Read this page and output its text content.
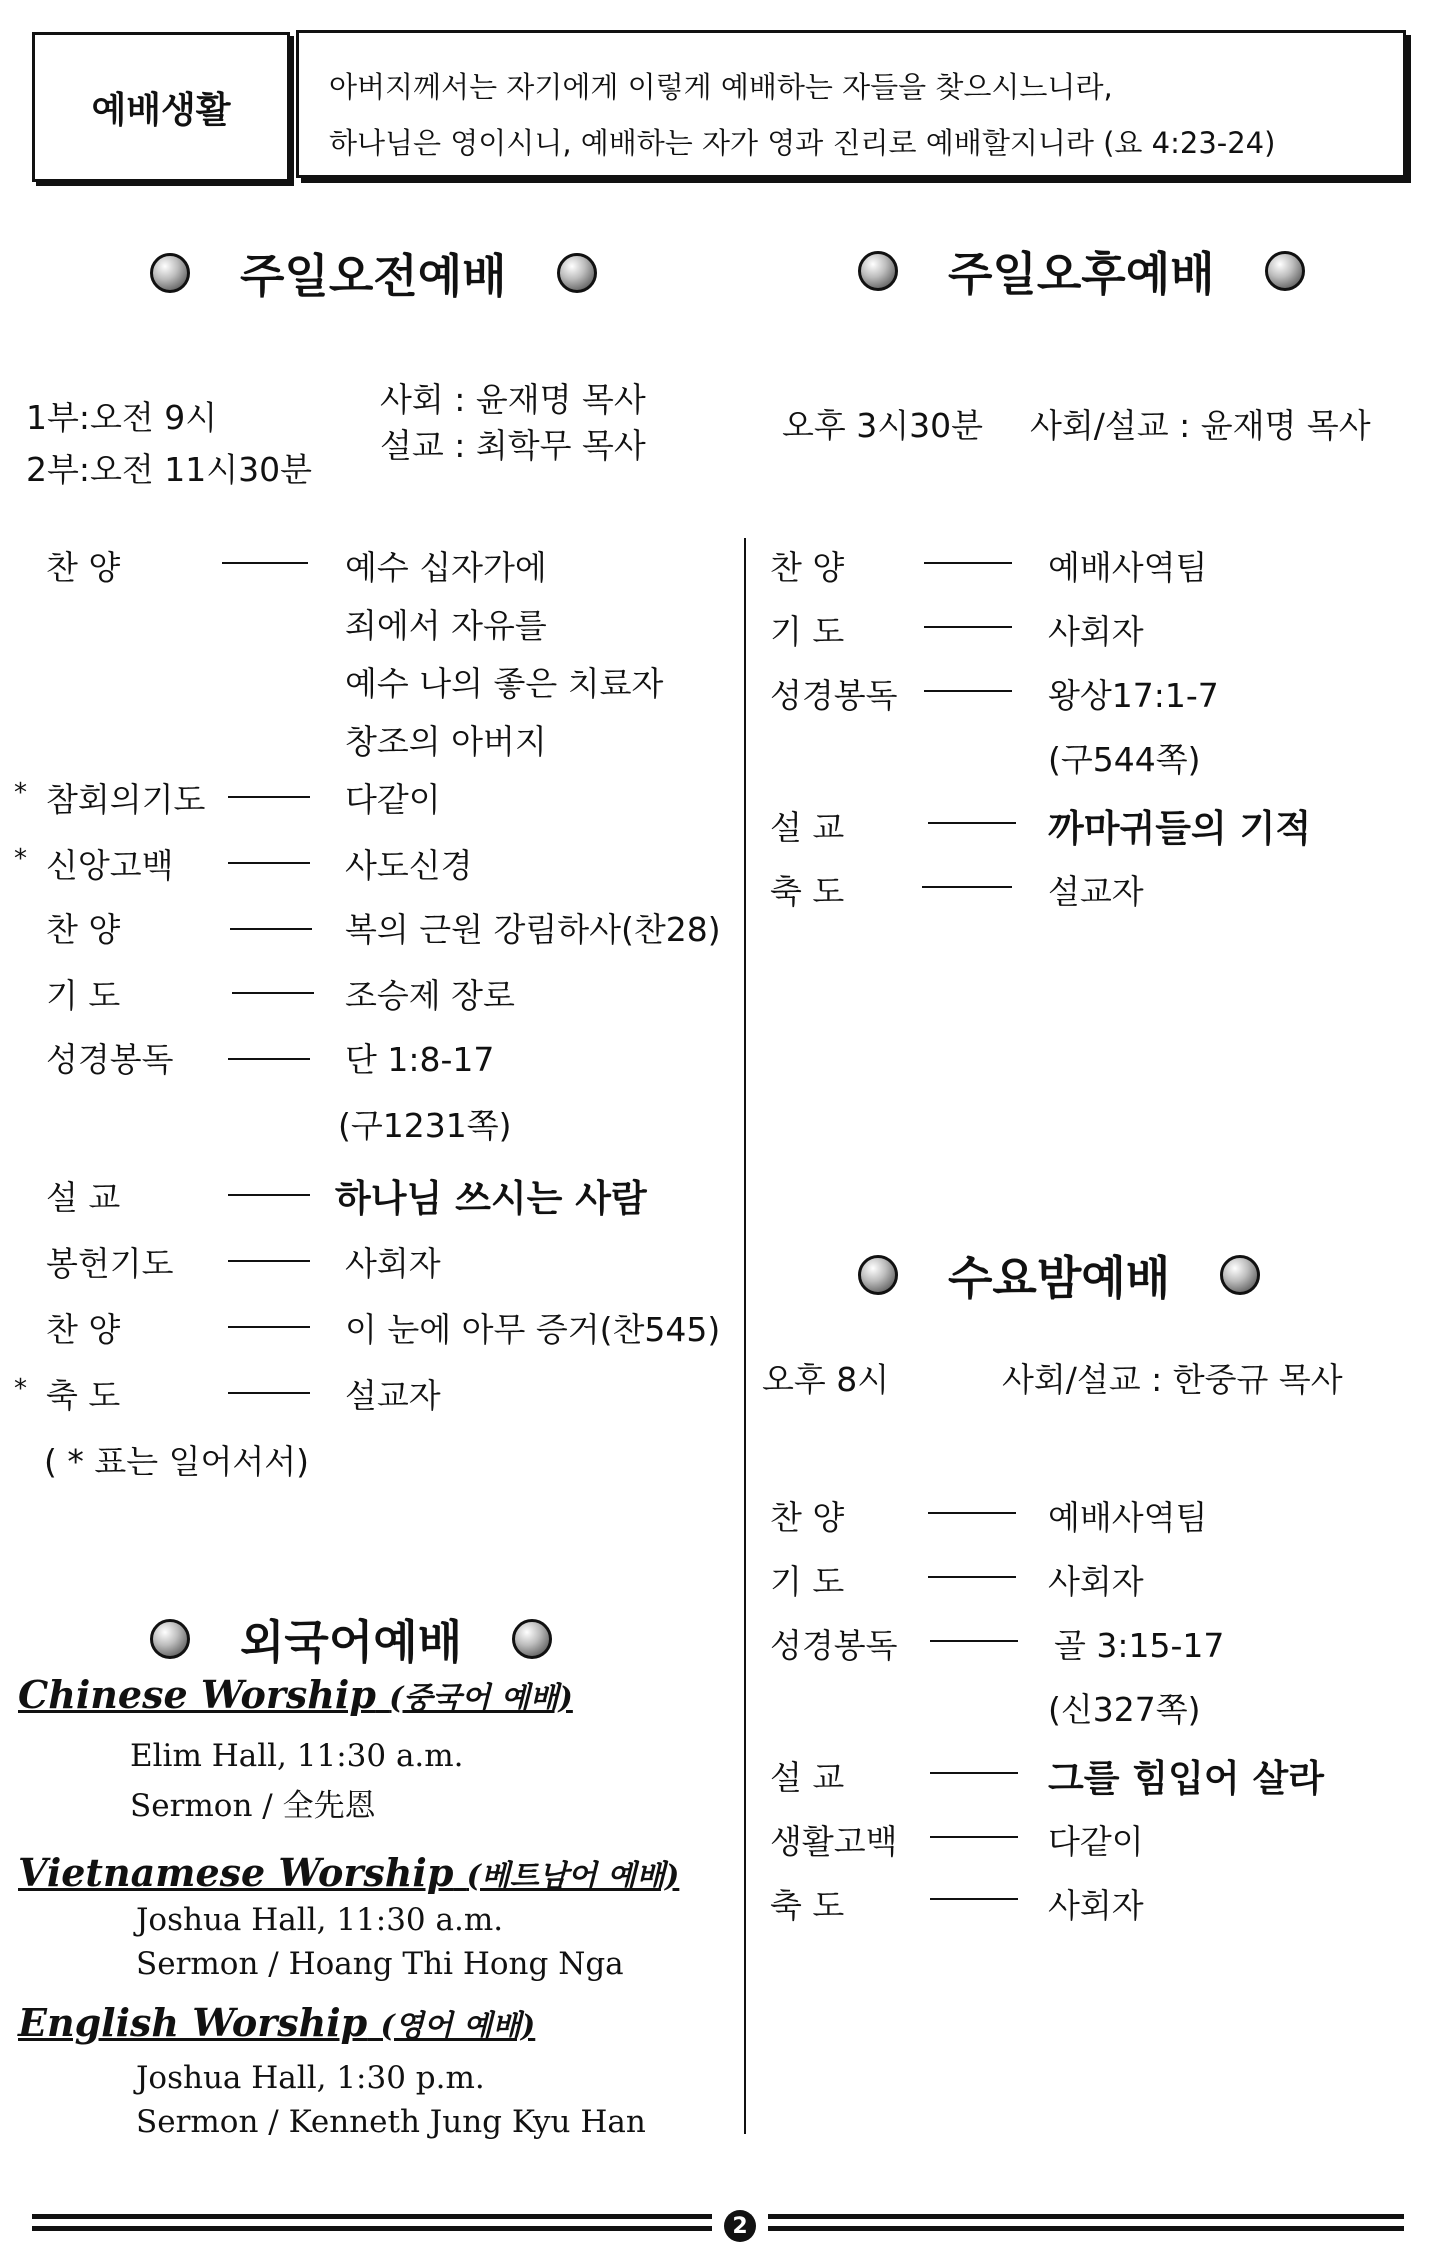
예배생활
아버지께서는 자기에게 이렇게 예배하는 자들을 찾으시느니라,
하나님은 영이시니, 예배하는 자가 영과 진리로 예배할지니라 (요 4:23-24)
주일오전예배
1부:오전 9시
2부:오전 11시30분
사회 : 윤재명 목사
설교 : 최학무 목사
찬 양	예수 십자가에
죄에서 자유를
예수 나의 좋은 치료자
창조의 아버지
* 참회의기도	다같이
* 신앙고백	사도신경
찬 양	복의 근원 강림하사(찬28)
기 도	조승제 장로
성경봉독	단 1:8-17
(구1231쪽)
설 교	하나님 쓰시는 사람
봉헌기도	사회자
찬 양	이 눈에 아무 증거(찬545)
* 축 도	설교자
( * 표는 일어서서)
주일오후예배
오후 3시30분 사회/설교 : 윤재명 목사
찬 양	예배사역팀
기 도	사회자
성경봉독	왕상17:1-7
(구544쪽)
설 교	까마귀들의 기적
축 도	설교자
수요밤예배
오후 8시	사회/설교 : 한중규 목사
찬 양	예배사역팀
기 도	사회자
성경봉독	골 3:15-17
(신327쪽)
설 교	그를 힘입어 살라
생활고백	다같이
축 도	사회자
외국어예배
Chinese Worship (중국어 예배)
Elim Hall, 11:30 a.m.
Sermon / 全先恩
Vietnamese Worship (베트남어 예배)
Joshua Hall, 11:30 a.m.
Sermon / Hoang Thi Hong Nga
English Worship (영어 예배)
Joshua Hall, 1:30 p.m.
Sermon / Kenneth Jung Kyu Han
2
